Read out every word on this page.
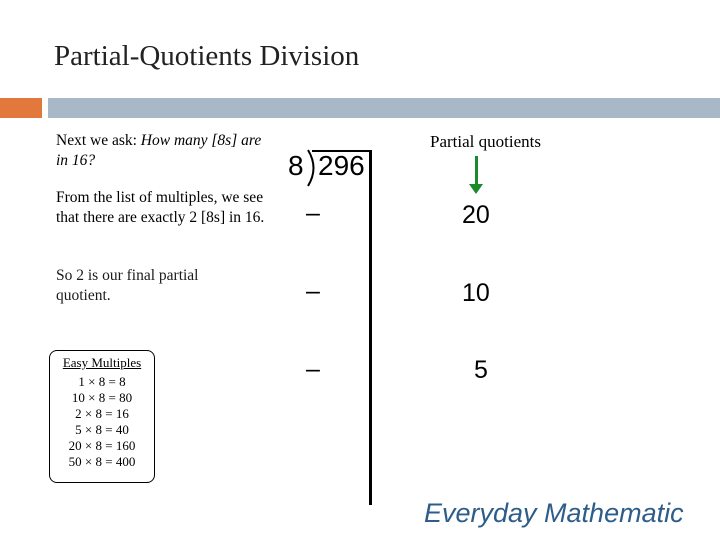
Partial-Quotients Division
Next we ask: How many [8s] are in 16?
From the list of multiples, we see that there are exactly 2 [8s] in 16.
So 2 is our final partial quotient.
Easy Multiples
1 × 8 = 8
10 × 8 = 80
2 × 8 = 16
5 × 8 = 40
20 × 8 = 160
50 × 8 = 400
Partial quotients
8 296
–
–
–
20
10
5
Everyday Mathematic
